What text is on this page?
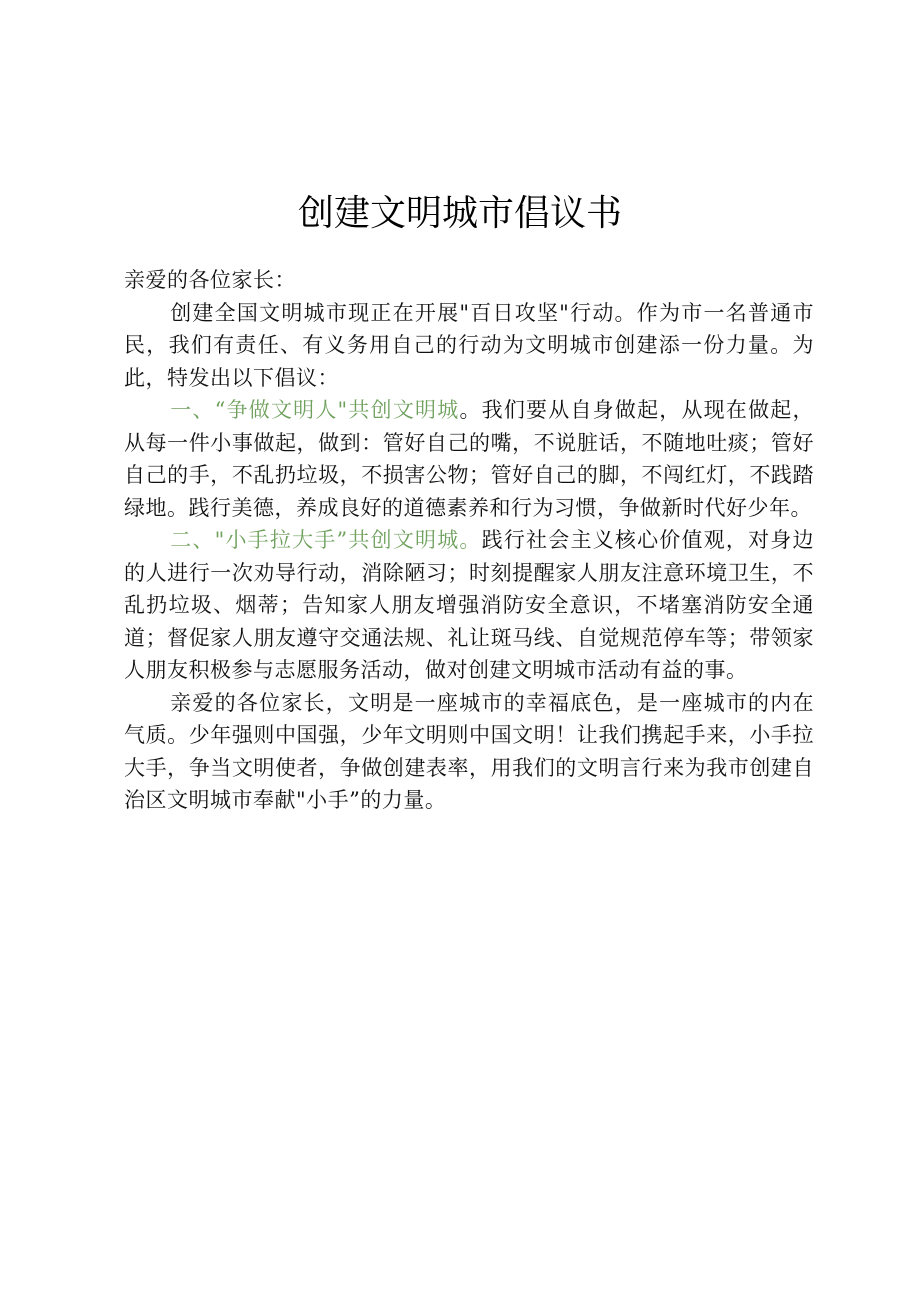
创建文明城市倡议书

亲爱的各位家长：

创建全国文明城市现正在开展"百日攻坚"行动。作为市一名普通市民，我们有责任、有义务用自己的行动为文明城市创建添一份力量。为此，特发出以下倡议：

一、“争做文明人"共创文明城。我们要从自身做起，从现在做起，从每一件小事做起，做到：管好自己的嘴，不说脏话，不随地吐痰；管好自己的手，不乱扔垃圾，不损害公物；管好自己的脚，不闯红灯，不践踏绿地。践行美德，养成良好的道德素养和行为习惯，争做新时代好少年。

二、"小手拉大手”共创文明城。践行社会主义核心价值观，对身边的人进行一次劝导行动，消除陋习；时刻提醒家人朋友注意环境卫生，不乱扔垃圾、烟蒂；告知家人朋友增强消防安全意识，不堵塞消防安全通道；督促家人朋友遵守交通法规、礼让斑马线、自觉规范停车等；带领家人朋友积极参与志愿服务活动，做对创建文明城市活动有益的事。

亲爱的各位家长，文明是一座城市的幸福底色，是一座城市的内在气质。少年强则中国强，少年文明则中国文明！让我们携起手来，小手拉大手，争当文明使者，争做创建表率，用我们的文明言行来为我市创建自治区文明城市奉献"小手”的力量。
